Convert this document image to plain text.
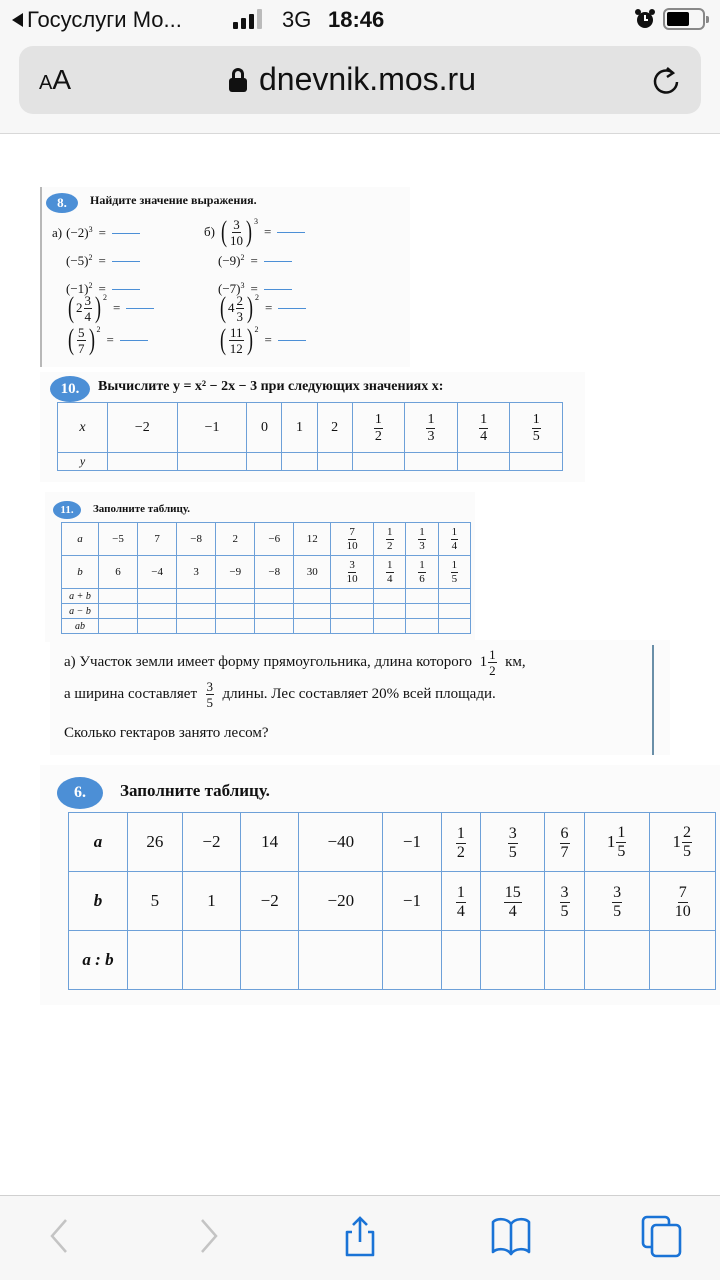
Госуслуги Мо...	3G 18:46
AA	dnevnik.mos.ru
8.	Найдите значение выражения.
а) $(-2)^3$ =
$(-5)^2$ =
$(-1)^2$ =
( $2 \frac{3}{4}$ ) $^2$
=
( $\frac{5}{7}$ ) $^2$
=
б) ( $\frac{3}{10}$ ) $^3$
=
$(-9)^2$ =
$(-7)^3$ =
( $4 \frac{2}{3}$ ) $^2$
=
( $\frac{11}{12}$ ) $^2$
=
10.	Вычислите y = x² − 2x − 3 при следующих значениях x:
x	−2	−1	0	1	2	$\frac{1}{2}$	$\frac{1}{3}$	$\frac{1}{4}$	$\frac{1}{5}$

y									
11.	Заполните таблицу.
a	−5	7	−8	2	−6	12	$\frac{7}{10}$	$\frac{1}{2}$	$\frac{1}{3}$	$\frac{1}{4}$

b	6	−4	3	−9	−8	30	$\frac{3}{10}$	$\frac{1}{4}$	$\frac{1}{6}$	$\frac{1}{5}$

a + b										
a − b										
ab										

а) Участок земли имеет форму прямоугольника, длина которого
$1 \frac{1}{2}$
км,

а ширина составляет
$\frac{3}{5}$
длины. Лес составляет 20% всей площади.

Сколько гектаров занято лесом?

6.	Заполните таблицу.
a	26	−2	14	−40	−1	$\frac{1}{2}$	$\frac{3}{5}$	$\frac{6}{7}$	$1 \frac{1}{5}$	$1 \frac{2}{5}$

b	5	1	−2	−20	−1	$\frac{1}{4}$	$\frac{15}{4}$	$\frac{3}{5}$	$\frac{3}{5}$	$\frac{7}{10}$

a : b										
